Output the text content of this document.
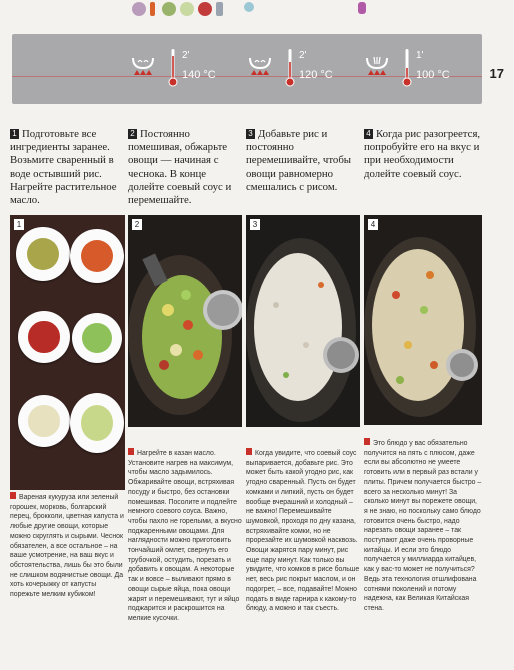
17
2'
140 °C
2'
120 °C
1'
100 °C
1 Подготовьте все ингредиенты заранее. Возьмите сваренный в воде остывший рис. Нагрейте растительное масло.
2 Постоянно помешивая, обжарьте овощи — начиная с чеснока. В конце долейте соевый соус и перемешайте.
3 Добавьте рис и постоянно перемешивайте, чтобы овощи равномерно смешались с рисом.
4 Когда рис разогреется, попробуйте его на вкус и при необходимости долейте соевый соус.
1	2	3	4
Вареная кукуруза или зеленый горошек, морковь, болгарский перец, брокколи, цветная капуста и любые другие овощи, которые можно скруглять и сырыми. Чеснок обязателен, а все остальное – на ваше усмотрение, на ваш вкус и обстоятельства, лишь бы это были не слишком водянистые овощи. Да хоть кочерыжку от капусты порежьте мелким кубиком!
Нагрейте в казан масло. Установите нагрев на максимум, чтобы масло задымилось. Обжаривайте овощи, встряхивая посуду и быстро, без остановки помешивая. Посолите и подлейте немного соевого соуса. Важно, чтобы пахло не горелыми, а вкусно поджаренными овощами. Для наглядности можно приготовить тончайший омлет, свернуть его трубочкой, остудить, порезать и добавить к овощам. А некоторые так и вовсе – выливают прямо в овощи сырые яйца, пока овощи жарят и перемешивают, тут и яйцо поджарится и раскрошится на мелкие кусочки.
Когда увидите, что соевый соус выпаривается, добавьте рис. Это может быть какой угодно рис, как угодно сваренный. Пусть он будет комками и липкий, пусть он будет вообще вчерашний и холодный – не важно! Перемешивайте шумовкой, проходя по дну казана, встряхивайте комки, но не прорезайте их шумовкой насквозь. Овощи жарятся пару минут, рис еще пару минут. Как только вы увидите, что комков в рисе больше нет, весь рис покрыт маслом, и он подогрет, – все, подавайте! Можно подать в виде гарнира к какому-то блюду, а можно и так съесть.
Это блюдо у вас обязательно получится на пять с плюсом, даже если вы абсолютно не умеете готовить или в первый раз встали у плиты. Причем получается быстро – всего за несколько минут! За сколько минут вы порежете овощи, я не знаю, но поскольку само блюдо готовится очень быстро, надо нарезать овощи заранее – так поступают даже очень проворные китайцы. И если это блюдо получается у миллиарда китайцев, как у вас-то может не получиться? Ведь эта технология отшлифована сотнями поколений и потому надежна, как Великая Китайская стена.
